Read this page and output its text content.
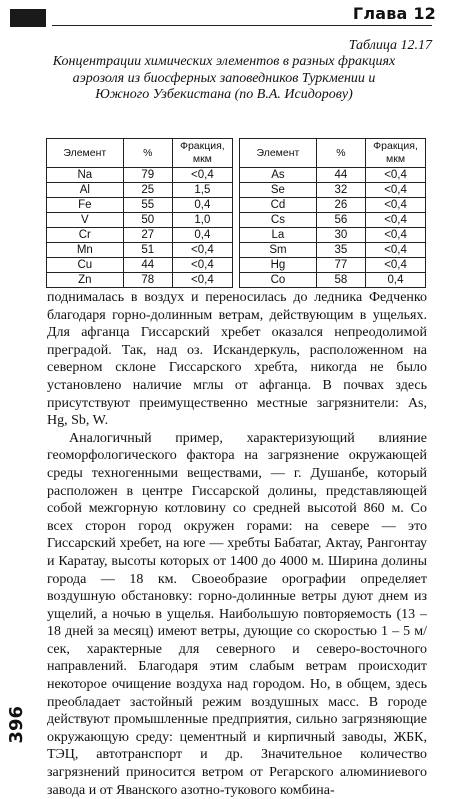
Глава 12
Таблица 12.17
Концентрации химических элементов в разных фракциях аэрозоля из биосферных заповедников Туркмении и Южного Узбекистана (по В.А. Исидорову)
Элемент	%	Фракция, мкм		Элемент	%	Фракция, мкм
Na	79	<0,4		As	44	<0,4
Al	25	1,5		Se	32	<0,4
Fe	55	0,4		Cd	26	<0,4
V	50	1,0		Cs	56	<0,4
Cr	27	0,4		La	30	<0,4
Mn	51	<0,4		Sm	35	<0,4
Cu	44	<0,4		Hg	77	<0,4
Zn	78	<0,4		Co	58	0,4

поднималась в воздух и переносилась до ледника Федченко благодаря горно-долинным ветрам, действующим в ущельях. Для афганца Гиссарский хребет оказался непреодолимой преградой. Так, над оз. Искандеркуль, расположенном на северном склоне Гиссарского хребта, никогда не было установлено наличие мглы от афганца. В почвах здесь присутствуют преимущественно местные загрязнители: As, Hg, Sb, W.

Аналогичный пример, характеризующий влияние геоморфологического фактора на загрязнение окружающей среды техногенными веществами, — г. Душанбе, который расположен в центре Гиссарской долины, представляющей собой межгорную котловину со средней высотой 860 м. Со всех сторон город окружен горами: на севере — это Гиссарский хребет, на юге — хребты Бабатаг, Актау, Рангонтау и Каратау, высоты которых от 1400 до 4000 м. Ширина долины города — 18 км. Своеобразие орографии определяет воздушную обстановку: горно-долинные ветры дуют днем из ущелий, а ночью в ущелья. Наибольшую повторяемость (13 – 18 дней за месяц) имеют ветры, дующие со скоростью 1 – 5 м/сек, характерные для северного и северо-восточного направлений. Благодаря этим слабым ветрам происходит некоторое очищение воздуха над городом. Но, в общем, здесь преобладает застойный режим воздушных масс. В городе действуют промышленные предприятия, сильно загрязняющие окружающую среду: цементный и кирпичный заводы, ЖБК, ТЭЦ, автотранспорт и др. Значительное количество загрязнений приносится ветром от Регарского алюминиевого завода и от Яванского азотно-тукового комбина-

396
